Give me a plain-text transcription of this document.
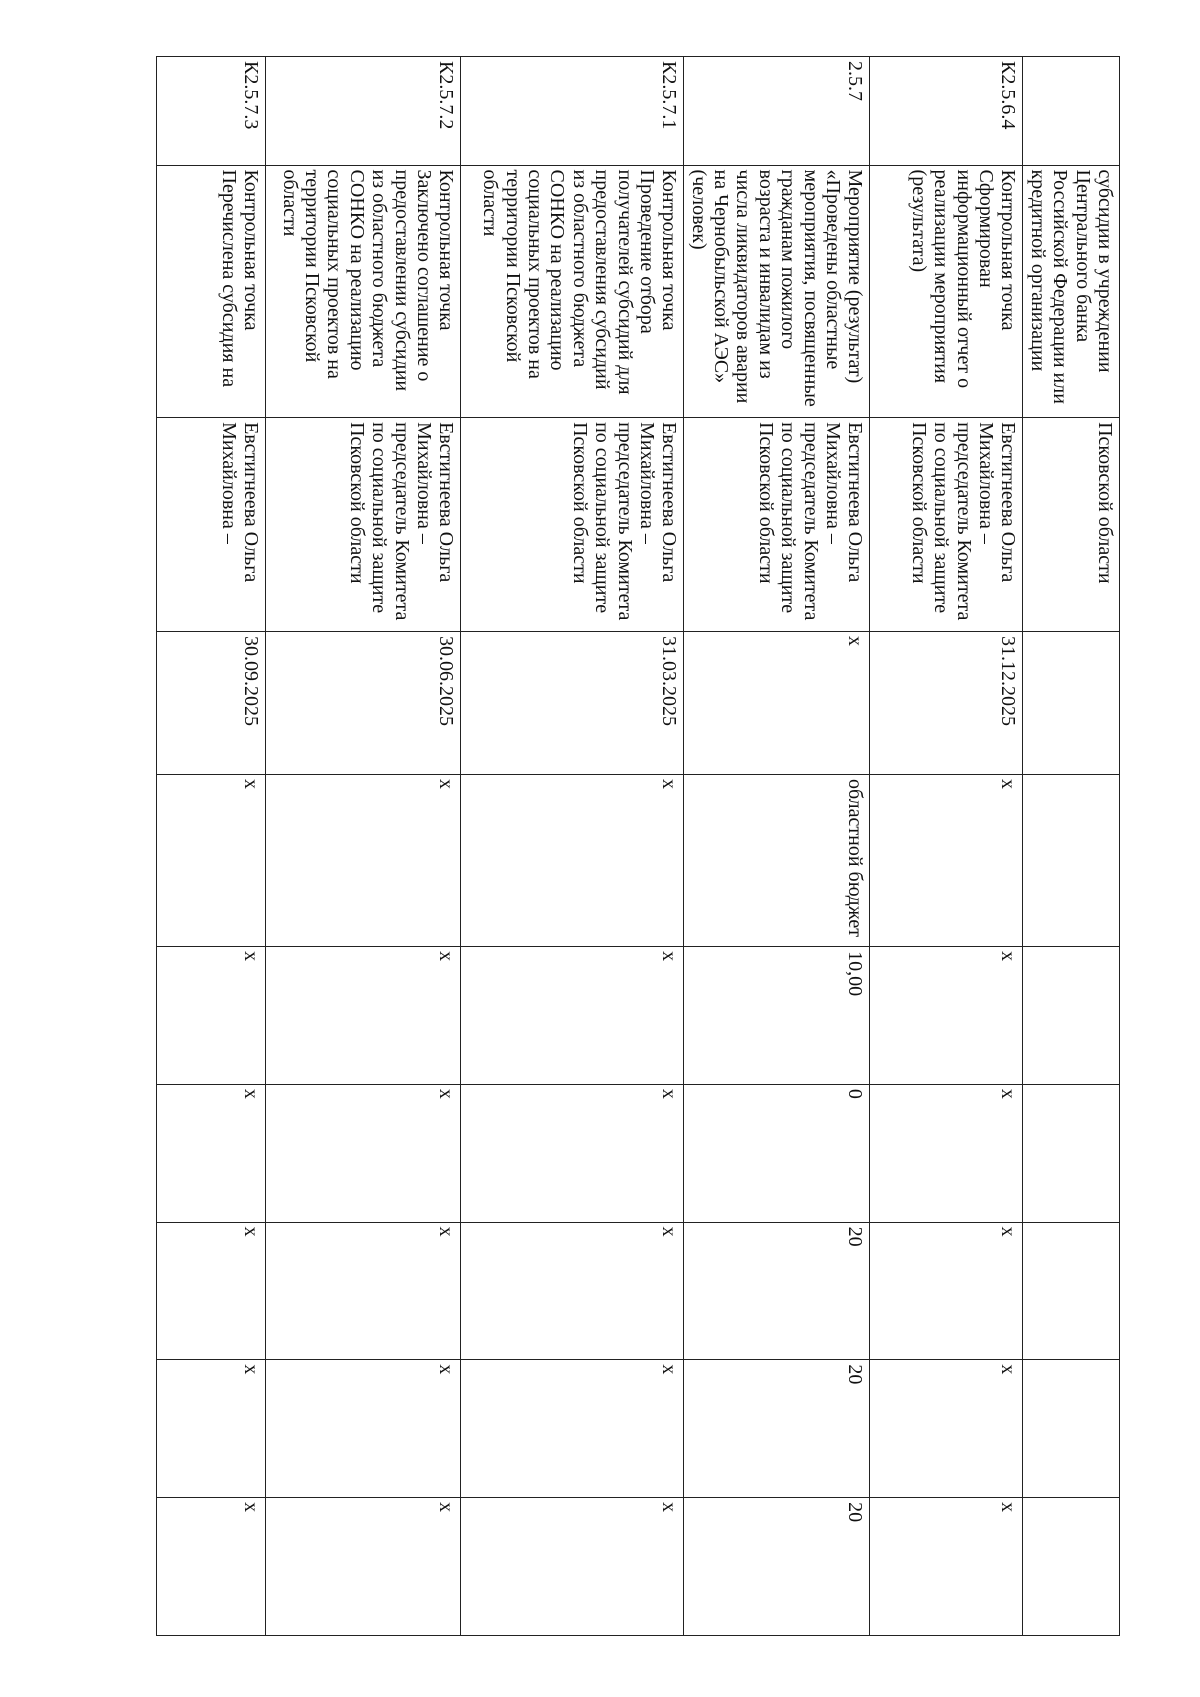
	субсидии в учреждении Центрального банка Российской Федерации или кредитной организации	Псковской области							
К2.5.6.4	Контрольная точка Сформирован информационный отчет о реализации мероприятия (результата)	Евстигнеева Ольга Михайловна – председатель Комитета по социальной защите Псковской области	31.12.2025	х	х	х	х	х	х
2.5.7	Мероприятие (результат) «Проведены областные мероприятия, посвященные гражданам пожилого возраста и инвалидам из числа ликвидаторов аварии на Чернобыльской АЭС» (человек)	Евстигнеева Ольга Михайловна – председатель Комитета по социальной защите Псковской области	х	областной бюджет	10,00	0	20	20	20
К2.5.7.1	Контрольная точка Проведение отбора получателей субсидий для предоставления субсидий из областного бюджета СОНКО на реализацию социальных проектов на территории Псковской области	Евстигнеева Ольга Михайловна – председатель Комитета по социальной защите Псковской области	31.03.2025	х	х	х	х	х	х
К2.5.7.2	Контрольная точка Заключено соглашение о предоставлении субсидии из областного бюджета СОНКО на реализацию социальных проектов на территории Псковской области	Евстигнеева Ольга Михайловна – председатель Комитета по социальной защите Псковской области	30.06.2025	х	х	х	х	х	х
К2.5.7.3	Контрольная точка Перечислена субсидия на	Евстигнеева Ольга Михайловна –	30.09.2025	х	х	х	х	х	х
